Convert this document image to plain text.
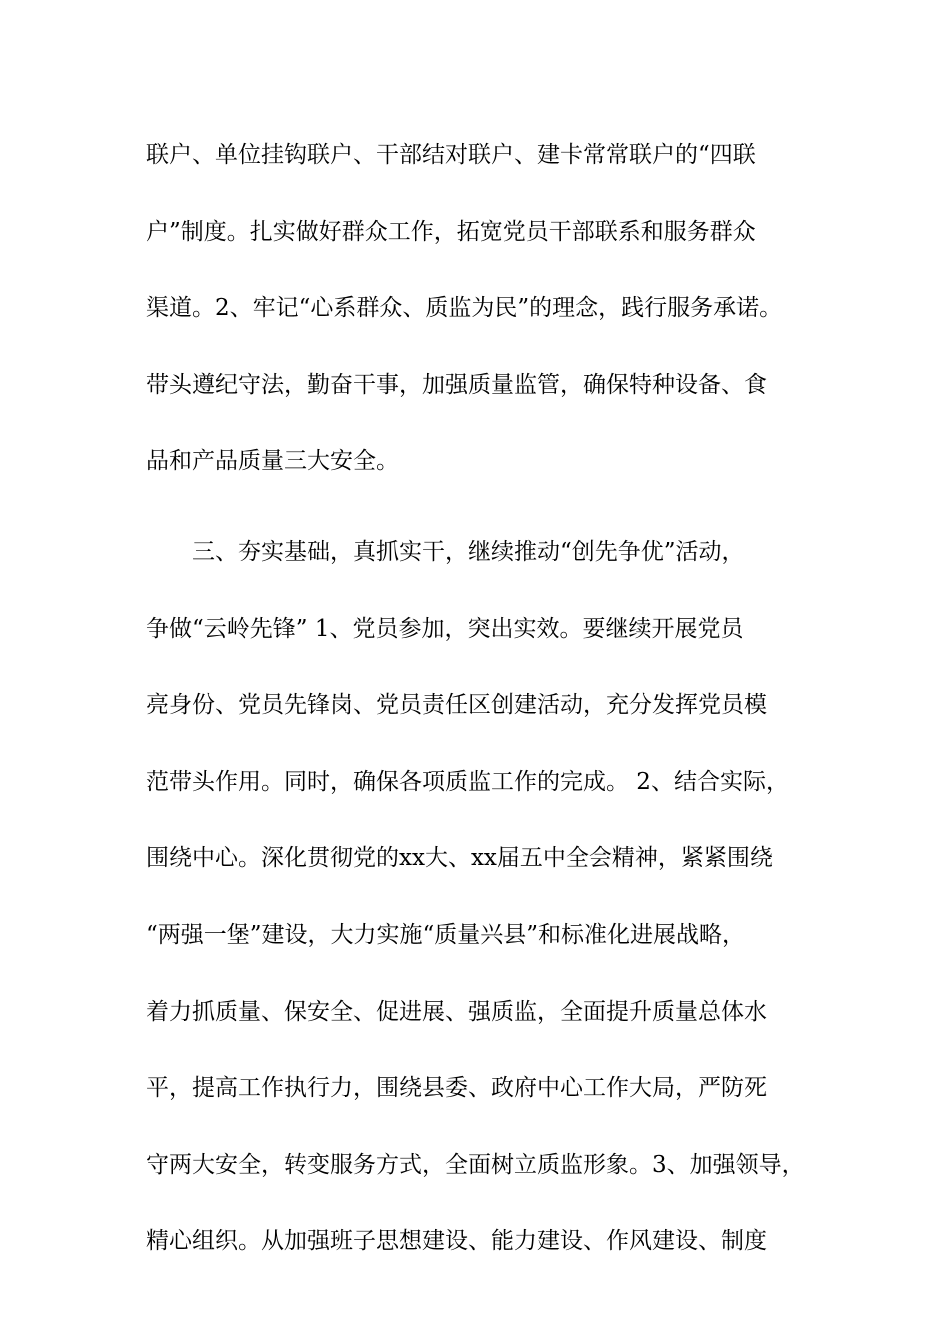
联户、单位挂钩联户、干部结对联户、建卡常常联户的“四联
户”制度。扎实做好群众工作，拓宽党员干部联系和服务群众
渠道。2、牢记“心系群众、质监为民”的理念，践行服务承诺。
带头遵纪守法，勤奋干事，加强质量监管，确保特种设备、食
品和产品质量三大安全。
三、夯实基础，真抓实干，继续推动“创先争优”活动，
争做“云岭先锋” 1、党员参加，突出实效。要继续开展党员
亮身份、党员先锋岗、党员责任区创建活动，充分发挥党员模
范带头作用。同时，确保各项质监工作的完成。 2、结合实际，
围绕中心。深化贯彻党的xx大、xx届五中全会精神，紧紧围绕
“两强一堡”建设，大力实施“质量兴县”和标准化进展战略，
着力抓质量、保安全、促进展、强质监，全面提升质量总体水
平，提高工作执行力，围绕县委、政府中心工作大局，严防死
守两大安全，转变服务方式，全面树立质监形象。3、加强领导，
精心组织。从加强班子思想建设、能力建设、作风建设、制度
